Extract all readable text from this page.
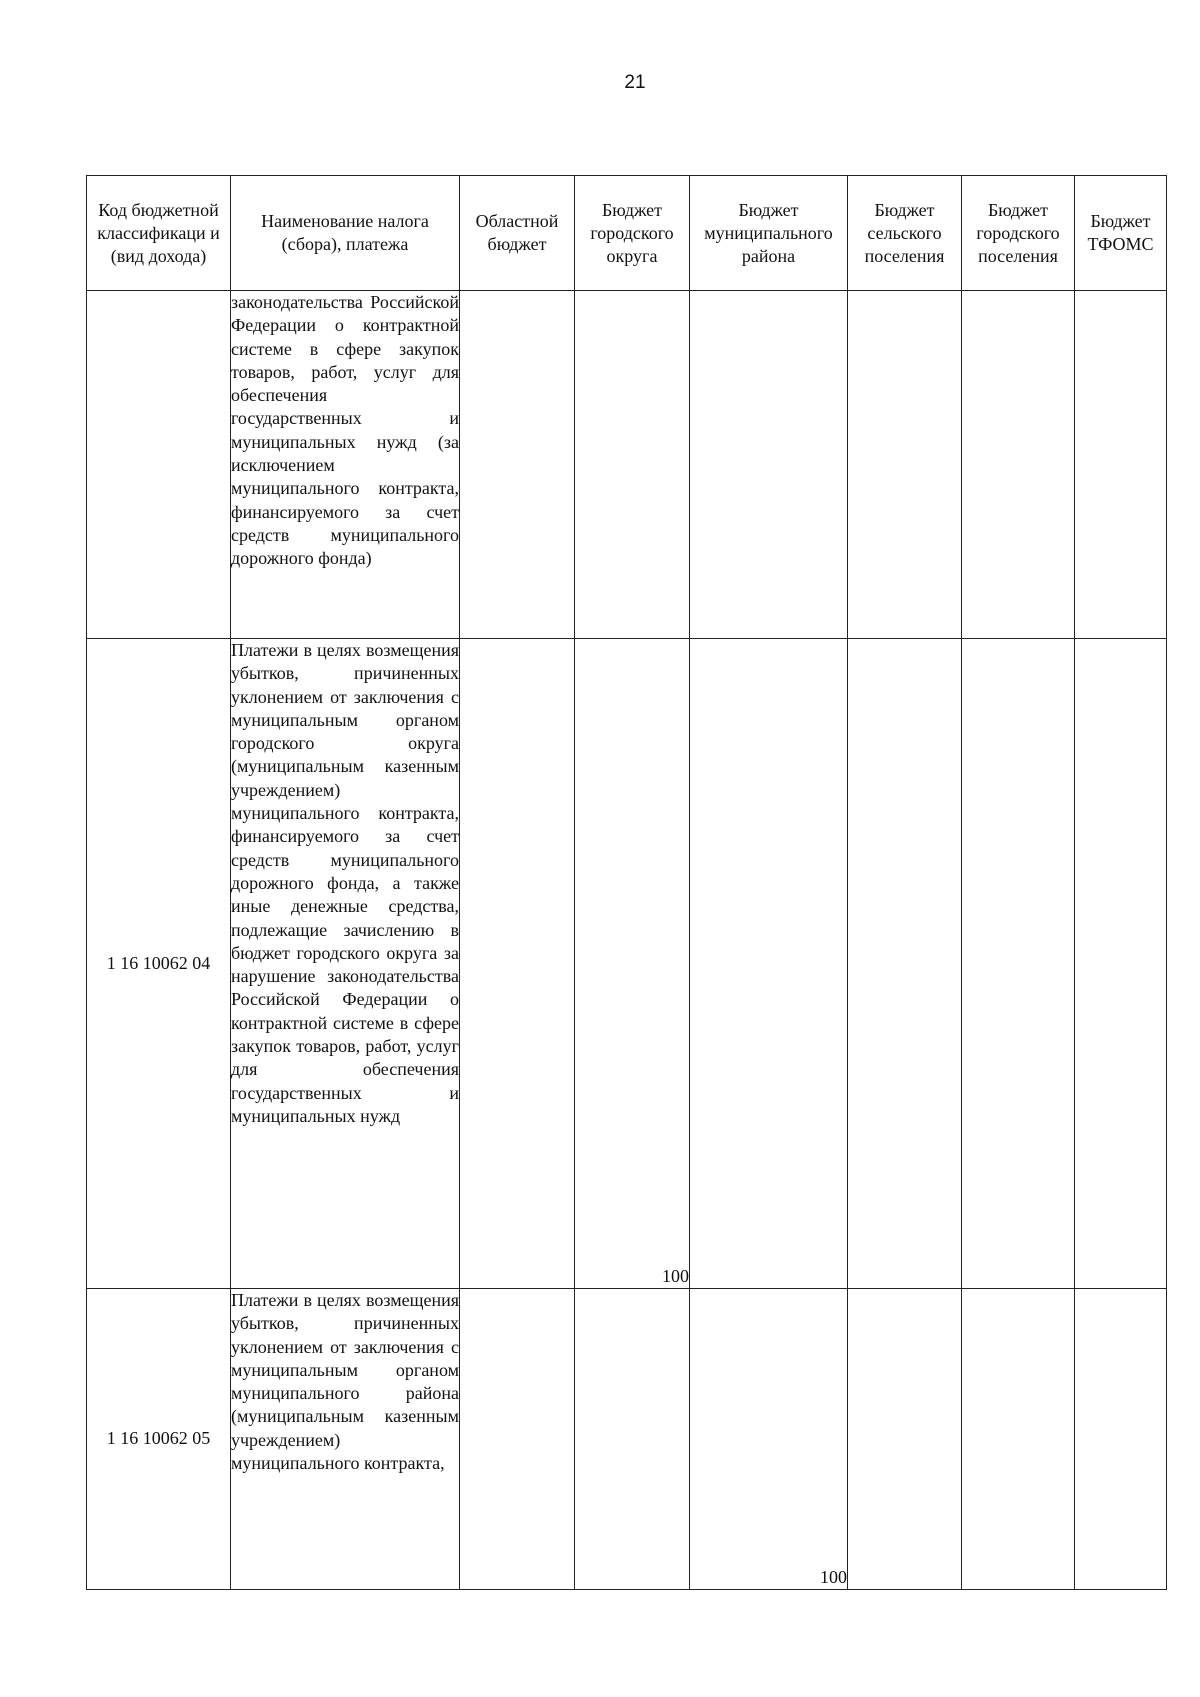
21
Код бюджетной классификаци и (вид дохода)	Наименование налога (сбора), платежа	Областной бюджет	Бюджет городского округа	Бюджет муниципального района	Бюджет сельского поселения	Бюджет городского поселения	Бюджет ТФОМС
	законодательства Российской Федерации о контрактной системе в сфере закупок товаров, работ, услуг для обеспечения государственных и муниципальных нужд (за исключением муниципального контракта, финансируемого за счет средств муниципального дорожного фонда)						
1 16 10062 04	Платежи в целях возмещения убытков, причиненных уклонением от заключения с муниципальным органом городского округа (муниципальным казенным учреждением) муниципального контракта, финансируемого за счет средств муниципального дорожного фонда, а также иные денежные средства, подлежащие зачислению в бюджет городского округа за нарушение законодательства Российской Федерации о контрактной системе в сфере закупок товаров, работ, услуг для обеспечения государственных и муниципальных нужд		100				
1 16 10062 05	Платежи в целях возмещения убытков, причиненных уклонением от заключения с муниципальным органом муниципального района (муниципальным казенным учреждением) муниципального контракта,			100			
